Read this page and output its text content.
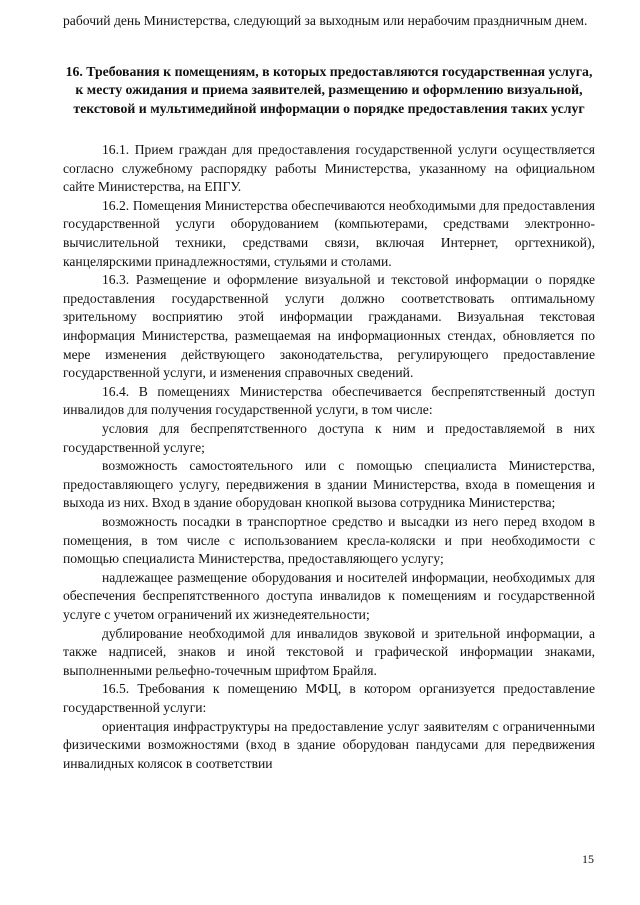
рабочий день Министерства, следующий за выходным или нерабочим праздничным днем.

16. Требования к помещениям, в которых предоставляются государственная услуга, к месту ожидания и приема заявителей, размещению и оформлению визуальной, текстовой и мультимедийной информации о порядке предоставления таких услуг

16.1. Прием граждан для предоставления государственной услуги осуществляется согласно служебному распорядку работы Министерства, указанному на официальном сайте Министерства, на ЕПГУ.

16.2. Помещения Министерства обеспечиваются необходимыми для предоставления государственной услуги оборудованием (компьютерами, средствами электронно-вычислительной техники, средствами связи, включая Интернет, оргтехникой), канцелярскими принадлежностями, стульями и столами.

16.3. Размещение и оформление визуальной и текстовой информации о порядке предоставления государственной услуги должно соответствовать оптимальному зрительному восприятию этой информации гражданами. Визуальная текстовая информация Министерства, размещаемая на информационных стендах, обновляется по мере изменения действующего законодательства, регулирующего предоставление государственной услуги, и изменения справочных сведений.

16.4. В помещениях Министерства обеспечивается беспрепятственный доступ инвалидов для получения государственной услуги, в том числе:

условия для беспрепятственного доступа к ним и предоставляемой в них государственной услуге;

возможность самостоятельного или с помощью специалиста Министерства, предоставляющего услугу, передвижения в здании Министерства, входа в помещения и выхода из них. Вход в здание оборудован кнопкой вызова сотрудника Министерства;

возможность посадки в транспортное средство и высадки из него перед входом в помещения, в том числе с использованием кресла-коляски и при необходимости с помощью специалиста Министерства, предоставляющего услугу;

надлежащее размещение оборудования и носителей информации, необходимых для обеспечения беспрепятственного доступа инвалидов к помещениям и государственной услуге с учетом ограничений их жизнедеятельности;

дублирование необходимой для инвалидов звуковой и зрительной информации, а также надписей, знаков и иной текстовой и графической информации знаками, выполненными рельефно-точечным шрифтом Брайля.

16.5. Требования к помещению МФЦ, в котором организуется предоставление государственной услуги:

ориентация инфраструктуры на предоставление услуг заявителям с ограниченными физическими возможностями (вход в здание оборудован пандусами для передвижения инвалидных колясок в соответствии

15
